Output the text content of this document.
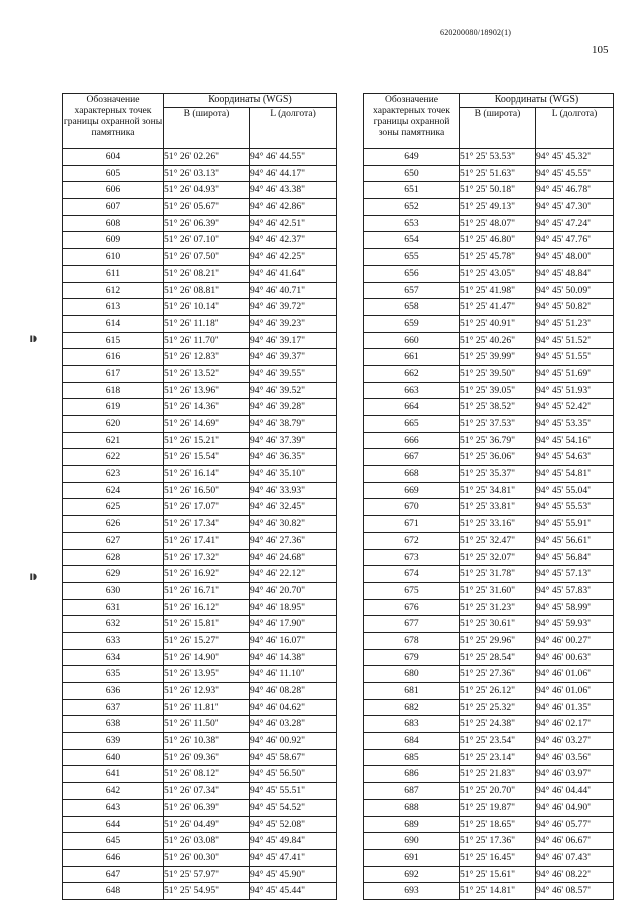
620200080/18902(1)
105
⁍
⁍
Обозначение характерных точек границы охранной зоны памятника	Координаты (WGS)	
	B (широта)	L (долгота)
604	51° 26' 02.26"	94° 46' 44.55"
605	51° 26' 03.13"	94° 46' 44.17"
606	51° 26' 04.93"	94° 46' 43.38"
607	51° 26' 05.67"	94° 46' 42.86"
608	51° 26' 06.39"	94° 46' 42.51"
609	51° 26' 07.10"	94° 46' 42.37"
610	51° 26' 07.50"	94° 46' 42.25"
611	51° 26' 08.21"	94° 46' 41.64"
612	51° 26' 08.81"	94° 46' 40.71"
613	51° 26' 10.14"	94° 46' 39.72"
614	51° 26' 11.18"	94° 46' 39.23"
615	51° 26' 11.70"	94° 46' 39.17"
616	51° 26' 12.83"	94° 46' 39.37"
617	51° 26' 13.52"	94° 46' 39.55"
618	51° 26' 13.96"	94° 46' 39.52"
619	51° 26' 14.36"	94° 46' 39.28"
620	51° 26' 14.69"	94° 46' 38.79"
621	51° 26' 15.21"	94° 46' 37.39"
622	51° 26' 15.54"	94° 46' 36.35"
623	51° 26' 16.14"	94° 46' 35.10"
624	51° 26' 16.50"	94° 46' 33.93"
625	51° 26' 17.07"	94° 46' 32.45"
626	51° 26' 17.34"	94° 46' 30.82"
627	51° 26' 17.41"	94° 46' 27.36"
628	51° 26' 17.32"	94° 46' 24.68"
629	51° 26' 16.92"	94° 46' 22.12"
630	51° 26' 16.71"	94° 46' 20.70"
631	51° 26' 16.12"	94° 46' 18.95"
632	51° 26' 15.81"	94° 46' 17.90"
633	51° 26' 15.27"	94° 46' 16.07"
634	51° 26' 14.90"	94° 46' 14.38"
635	51° 26' 13.95"	94° 46' 11.10"
636	51° 26' 12.93"	94° 46' 08.28"
637	51° 26' 11.81"	94° 46' 04.62"
638	51° 26' 11.50"	94° 46' 03.28"
639	51° 26' 10.38"	94° 46' 00.92"
640	51° 26' 09.36"	94° 45' 58.67"
641	51° 26' 08.12"	94° 45' 56.50"
642	51° 26' 07.34"	94° 45' 55.51"
643	51° 26' 06.39"	94° 45' 54.52"
644	51° 26' 04.49"	94° 45' 52.08"
645	51° 26' 03.08"	94° 45' 49.84"
646	51° 26' 00.30"	94° 45' 47.41"
647	51° 25' 57.97"	94° 45' 45.90"
648	51° 25' 54.95"	94° 45' 45.44"
Обозначение характерных точек границы охранной зоны памятника	Координаты (WGS)	
	B (широта)	L (долгота)
649	51° 25' 53.53"	94° 45' 45.32"
650	51° 25' 51.63"	94° 45' 45.55"
651	51° 25' 50.18"	94° 45' 46.78"
652	51° 25' 49.13"	94° 45' 47.30"
653	51° 25' 48.07"	94° 45' 47.24"
654	51° 25' 46.80"	94° 45' 47.76"
655	51° 25' 45.78"	94° 45' 48.00"
656	51° 25' 43.05"	94° 45' 48.84"
657	51° 25' 41.98"	94° 45' 50.09"
658	51° 25' 41.47"	94° 45' 50.82"
659	51° 25' 40.91"	94° 45' 51.23"
660	51° 25' 40.26"	94° 45' 51.52"
661	51° 25' 39.99"	94° 45' 51.55"
662	51° 25' 39.50"	94° 45' 51.69"
663	51° 25' 39.05"	94° 45' 51.93"
664	51° 25' 38.52"	94° 45' 52.42"
665	51° 25' 37.53"	94° 45' 53.35"
666	51° 25' 36.79"	94° 45' 54.16"
667	51° 25' 36.06"	94° 45' 54.63"
668	51° 25' 35.37"	94° 45' 54.81"
669	51° 25' 34.81"	94° 45' 55.04"
670	51° 25' 33.81"	94° 45' 55.53"
671	51° 25' 33.16"	94° 45' 55.91"
672	51° 25' 32.47"	94° 45' 56.61"
673	51° 25' 32.07"	94° 45' 56.84"
674	51° 25' 31.78"	94° 45' 57.13"
675	51° 25' 31.60"	94° 45' 57.83"
676	51° 25' 31.23"	94° 45' 58.99"
677	51° 25' 30.61"	94° 45' 59.93"
678	51° 25' 29.96"	94° 46' 00.27"
679	51° 25' 28.54"	94° 46' 00.63"
680	51° 25' 27.36"	94° 46' 01.06"
681	51° 25' 26.12"	94° 46' 01.06"
682	51° 25' 25.32"	94° 46' 01.35"
683	51° 25' 24.38"	94° 46' 02.17"
684	51° 25' 23.54"	94° 46' 03.27"
685	51° 25' 23.14"	94° 46' 03.56"
686	51° 25' 21.83"	94° 46' 03.97"
687	51° 25' 20.70"	94° 46' 04.44"
688	51° 25' 19.87"	94° 46' 04.90"
689	51° 25' 18.65"	94° 46' 05.77"
690	51° 25' 17.36"	94° 46' 06.67"
691	51° 25' 16.45"	94° 46' 07.43"
692	51° 25' 15.61"	94° 46' 08.22"
693	51° 25' 14.81"	94° 46' 08.57"
